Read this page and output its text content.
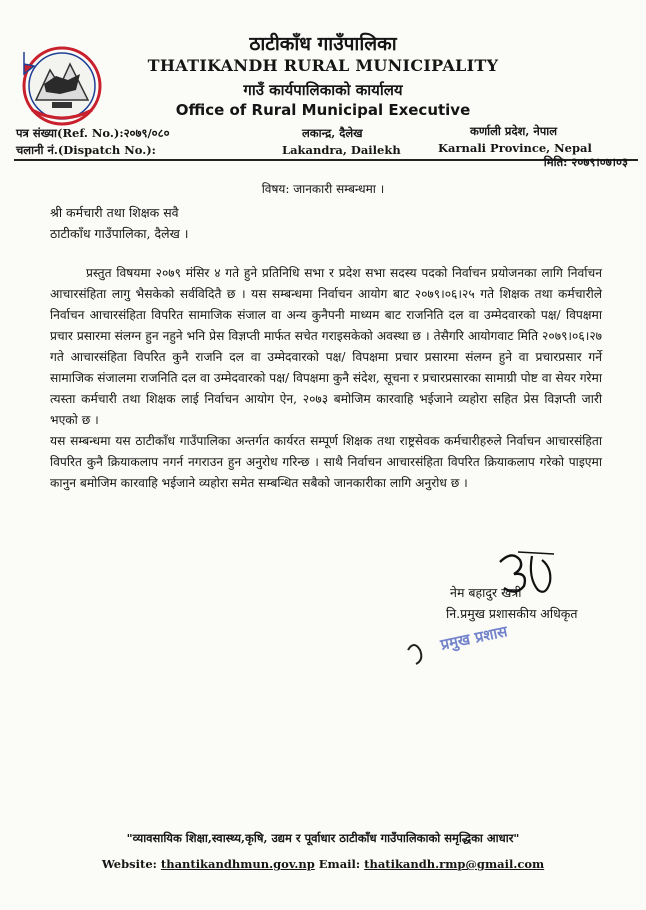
ठाटीकाँध गाउँपालिका
THATIKANDH RURAL MUNICIPALITY
गाउँ कार्यपालिकाको कार्यालय
Office of Rural Municipal Executive
पत्र संख्या(Ref. No.):२०७९/०८०
चलानी नं.(Dispatch No.):
लकान्द्र, दैलेख
Lakandra, Dailekh
कर्णाली प्रदेश, नेपाल
Karnali Province, Nepal
मिति: २०७९।०७।०३
विषय: जानकारी सम्बन्धमा ।
श्री कर्मचारी तथा शिक्षक सवै
ठाटीकाँध गाउँपालिका, दैलेख ।

प्रस्तुत विषयमा २०७९ मंसिर ४ गते हुने प्रतिनिधि सभा र प्रदेश सभा सदस्य पदको निर्वाचन प्रयोजनका लागि निर्वाचन आचारसंहिता लागु भैसकेको सर्वविदितै छ । यस सम्बन्धमा निर्वाचन आयोग बाट २०७९।०६।२५ गते शिक्षक तथा कर्मचारीले निर्वाचन आचारसंहिता विपरित सामाजिक संजाल वा अन्य कुनैपनी माध्यम बाट राजनिति दल वा उम्मेदवारको पक्ष/ विपक्षमा प्रचार प्रसारमा संलग्न हुन नहुने भनि प्रेस विज्ञप्ती मार्फत सचेत गराइसकेको अवस्था छ । तेसैगरि आयोगवाट मिति २०७९।०६।२७ गते आचारसंहिता विपरित कुनै राजनि दल वा उम्मेदवारको पक्ष/ विपक्षमा प्रचार प्रसारमा संलग्न हुने वा प्रचारप्रसार गर्ने सामाजिक संजालमा राजनिति दल वा उम्मेदवारको पक्ष/ विपक्षमा कुनै संदेश, सूचना र प्रचारप्रसारका सामाग्री पोष्ट वा सेयर गरेमा त्यस्ता कर्मचारी तथा शिक्षक लाई निर्वाचन आयोग ऐन, २०७३ बमोजिम कारवाहि भईजाने व्यहोरा सहित प्रेस विज्ञप्ती जारी भएको छ ।

यस सम्बन्धमा यस ठाटीकाँध गाउँपालिका अन्तर्गत कार्यरत सम्पूर्ण शिक्षक तथा राष्ट्रसेवक कर्मचारीहरुले निर्वाचन आचारसंहिता विपरित कुनै क्रियाकलाप नगर्न नगराउन हुन अनुरोध गरिन्छ । साथै निर्वाचन आचारसंहिता विपरित क्रियाकलाप गरेको पाइएमा कानुन बमोजिम कारवाहि भईजाने व्यहोरा समेत सम्बन्धित सबैको जानकारीका लागि अनुरोध छ ।

नेम बहादुर खत्री
नि.प्रमुख प्रशासकीय अधिकृत
प्रमुख प्रशास
"व्यावसायिक शिक्षा,स्वास्थ्य,कृषि, उद्यम र पूर्वाधार ठाटीकाँध गाउँपालिकाको समृद्धिका आधार"
Website: thantikandhmun.gov.np Email: thatikandh.rmp@gmail.com
